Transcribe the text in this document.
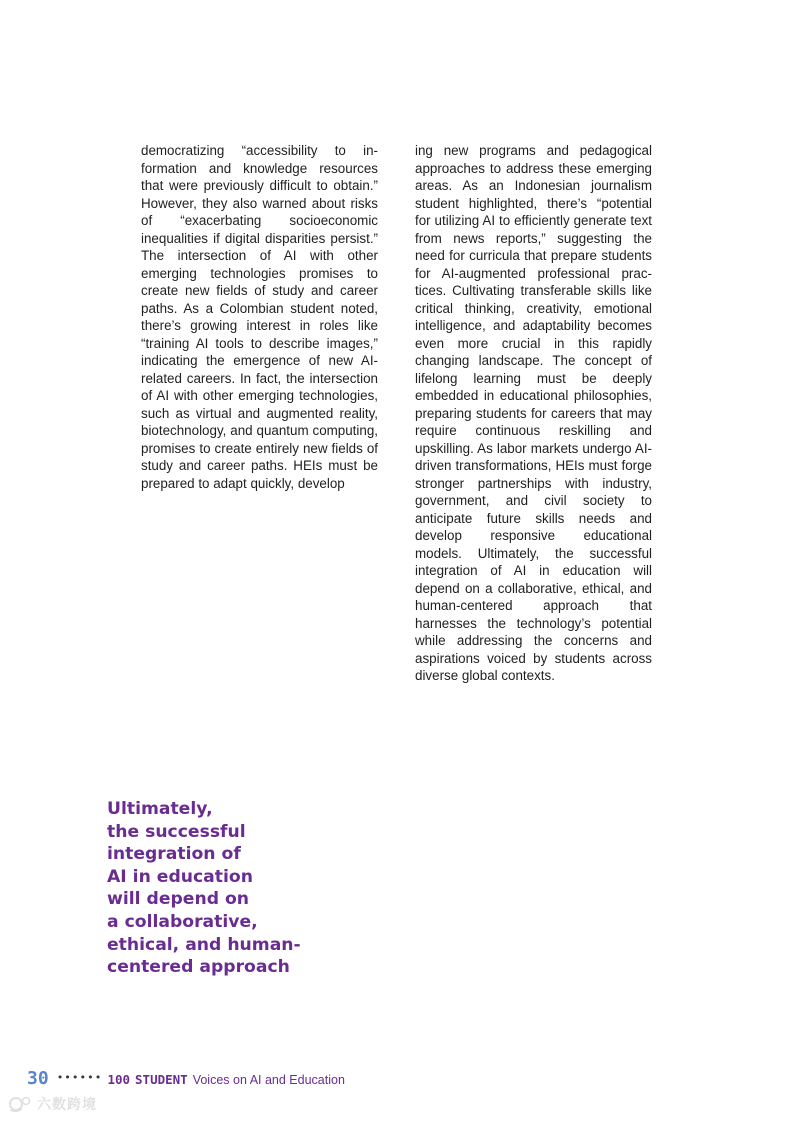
democratizing “accessibility to information and knowledge resources that were previously difficult to obtain.” However, they also warned about risks of “exacerbating socioeconomic inequalities if digital disparities persist.” The intersection of AI with other emerging technologies promises to create new fields of study and career paths. As a Colombian student noted, there’s growing interest in roles like “training AI tools to describe images,” indicating the emergence of new AI-related careers. In fact, the intersection of AI with other emerging technologies, such as virtual and augmented reality, biotechnology, and quantum computing, promises to create entirely new fields of study and career paths. HEIs must be prepared to adapt quickly, develop

ing new programs and pedagogical approaches to address these emerging areas. As an Indonesian journalism student highlighted, there’s “potential for utilizing AI to efficiently generate text from news reports,” suggesting the need for curricula that prepare students for AI-augmented professional practices. Cultivating transferable skills like critical thinking, creativity, emotional intelligence, and adaptability becomes even more crucial in this rapidly changing landscape. The concept of lifelong learning must be deeply embedded in educational philosophies, preparing students for careers that may require continuous reskilling and upskilling. As labor markets undergo AI-driven transformations, HEIs must forge stronger partnerships with industry, government, and civil society to anticipate future skills needs and develop responsive educational models. Ultimately, the successful integration of AI in education will depend on a collaborative, ethical, and human-centered approach that harnesses the technology’s potential while addressing the concerns and aspirations voiced by students across diverse global contexts.

Ultimately,
the successful
integration of
AI in education
will depend on
a collaborative,
ethical, and human-
centered approach

30 •••••• 100 STUDENT Voices on AI and Education
六数跨境
